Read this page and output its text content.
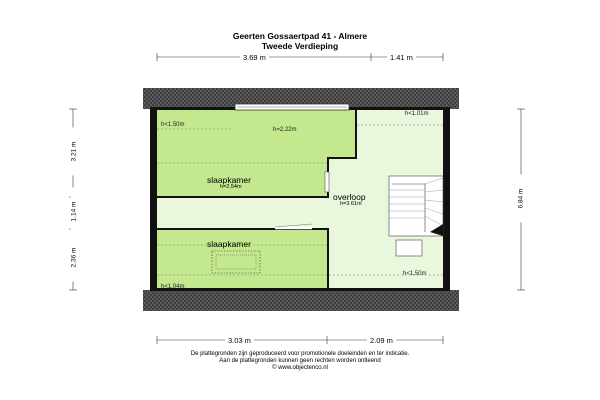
Geerten Gossaertpad 41 - Almere
Tweede Verdieping
3.69 m	1.41 m
3.03 m	2.09 m
3.21 m
1.14 m
2.36 m
6.84 m
h<1.50m
h=2.22m
h<1.01m
h<1.04m
h<1.50m
slaapkamer
h=2.54m
slaapkamer
overloop
h=3.61m
De plattegronden zijn geproduceerd voor promotionele doeleinden en ter indicatie.
Aan de plattegronden kunnen geen rechten worden ontleend
© www.objectenco.nl
